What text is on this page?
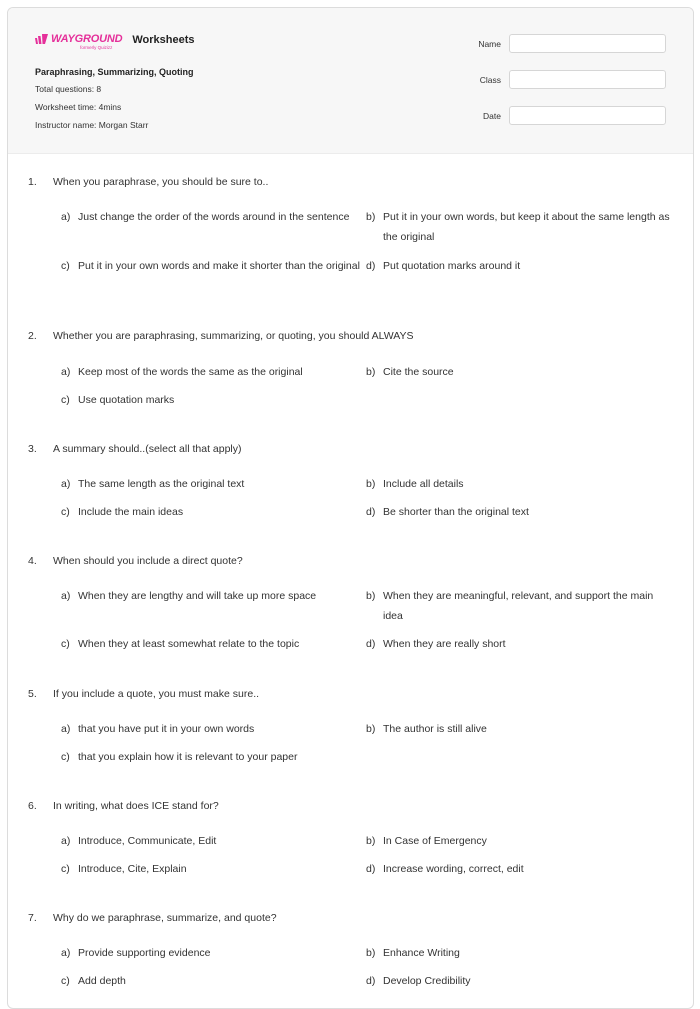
WAYGROUND
formerly Quizizz
Worksheets
Paraphrasing, Summarizing, Quoting
Total questions: 8
Worksheet time: 4mins
Instructor name: Morgan Starr
Name
Class
Date
1.	When you paraphrase, you should be sure to..
a) Just change the order of the words around in the sentence	b) Put it in your own words, but keep it about the same length as the original
c) Put it in your own words and make it shorter than the original d) Put quotation marks around it
2.	Whether you are paraphrasing, summarizing, or quoting, you should ALWAYS
a) Keep most of the words the same as the original	b) Cite the source
c) Use quotation marks
3.	A summary should..(select all that apply)
a) The same length as the original text	b) Include all details
c) Include the main ideas	d) Be shorter than the original text
4.	When should you include a direct quote?
a) When they are lengthy and will take up more space	b) When they are meaningful, relevant, and support the main idea
c) When they at least somewhat relate to the topic	d) When they are really short
5.	If you include a quote, you must make sure..
a) that you have put it in your own words	b) The author is still alive
c) that you explain how it is relevant to your paper
6.	In writing, what does ICE stand for?
a) Introduce, Communicate, Edit	b) In Case of Emergency
c) Introduce, Cite, Explain	d) Increase wording, correct, edit
7.	Why do we paraphrase, summarize, and quote?
a) Provide supporting evidence	b) Enhance Writing
c) Add depth	d) Develop Credibility
